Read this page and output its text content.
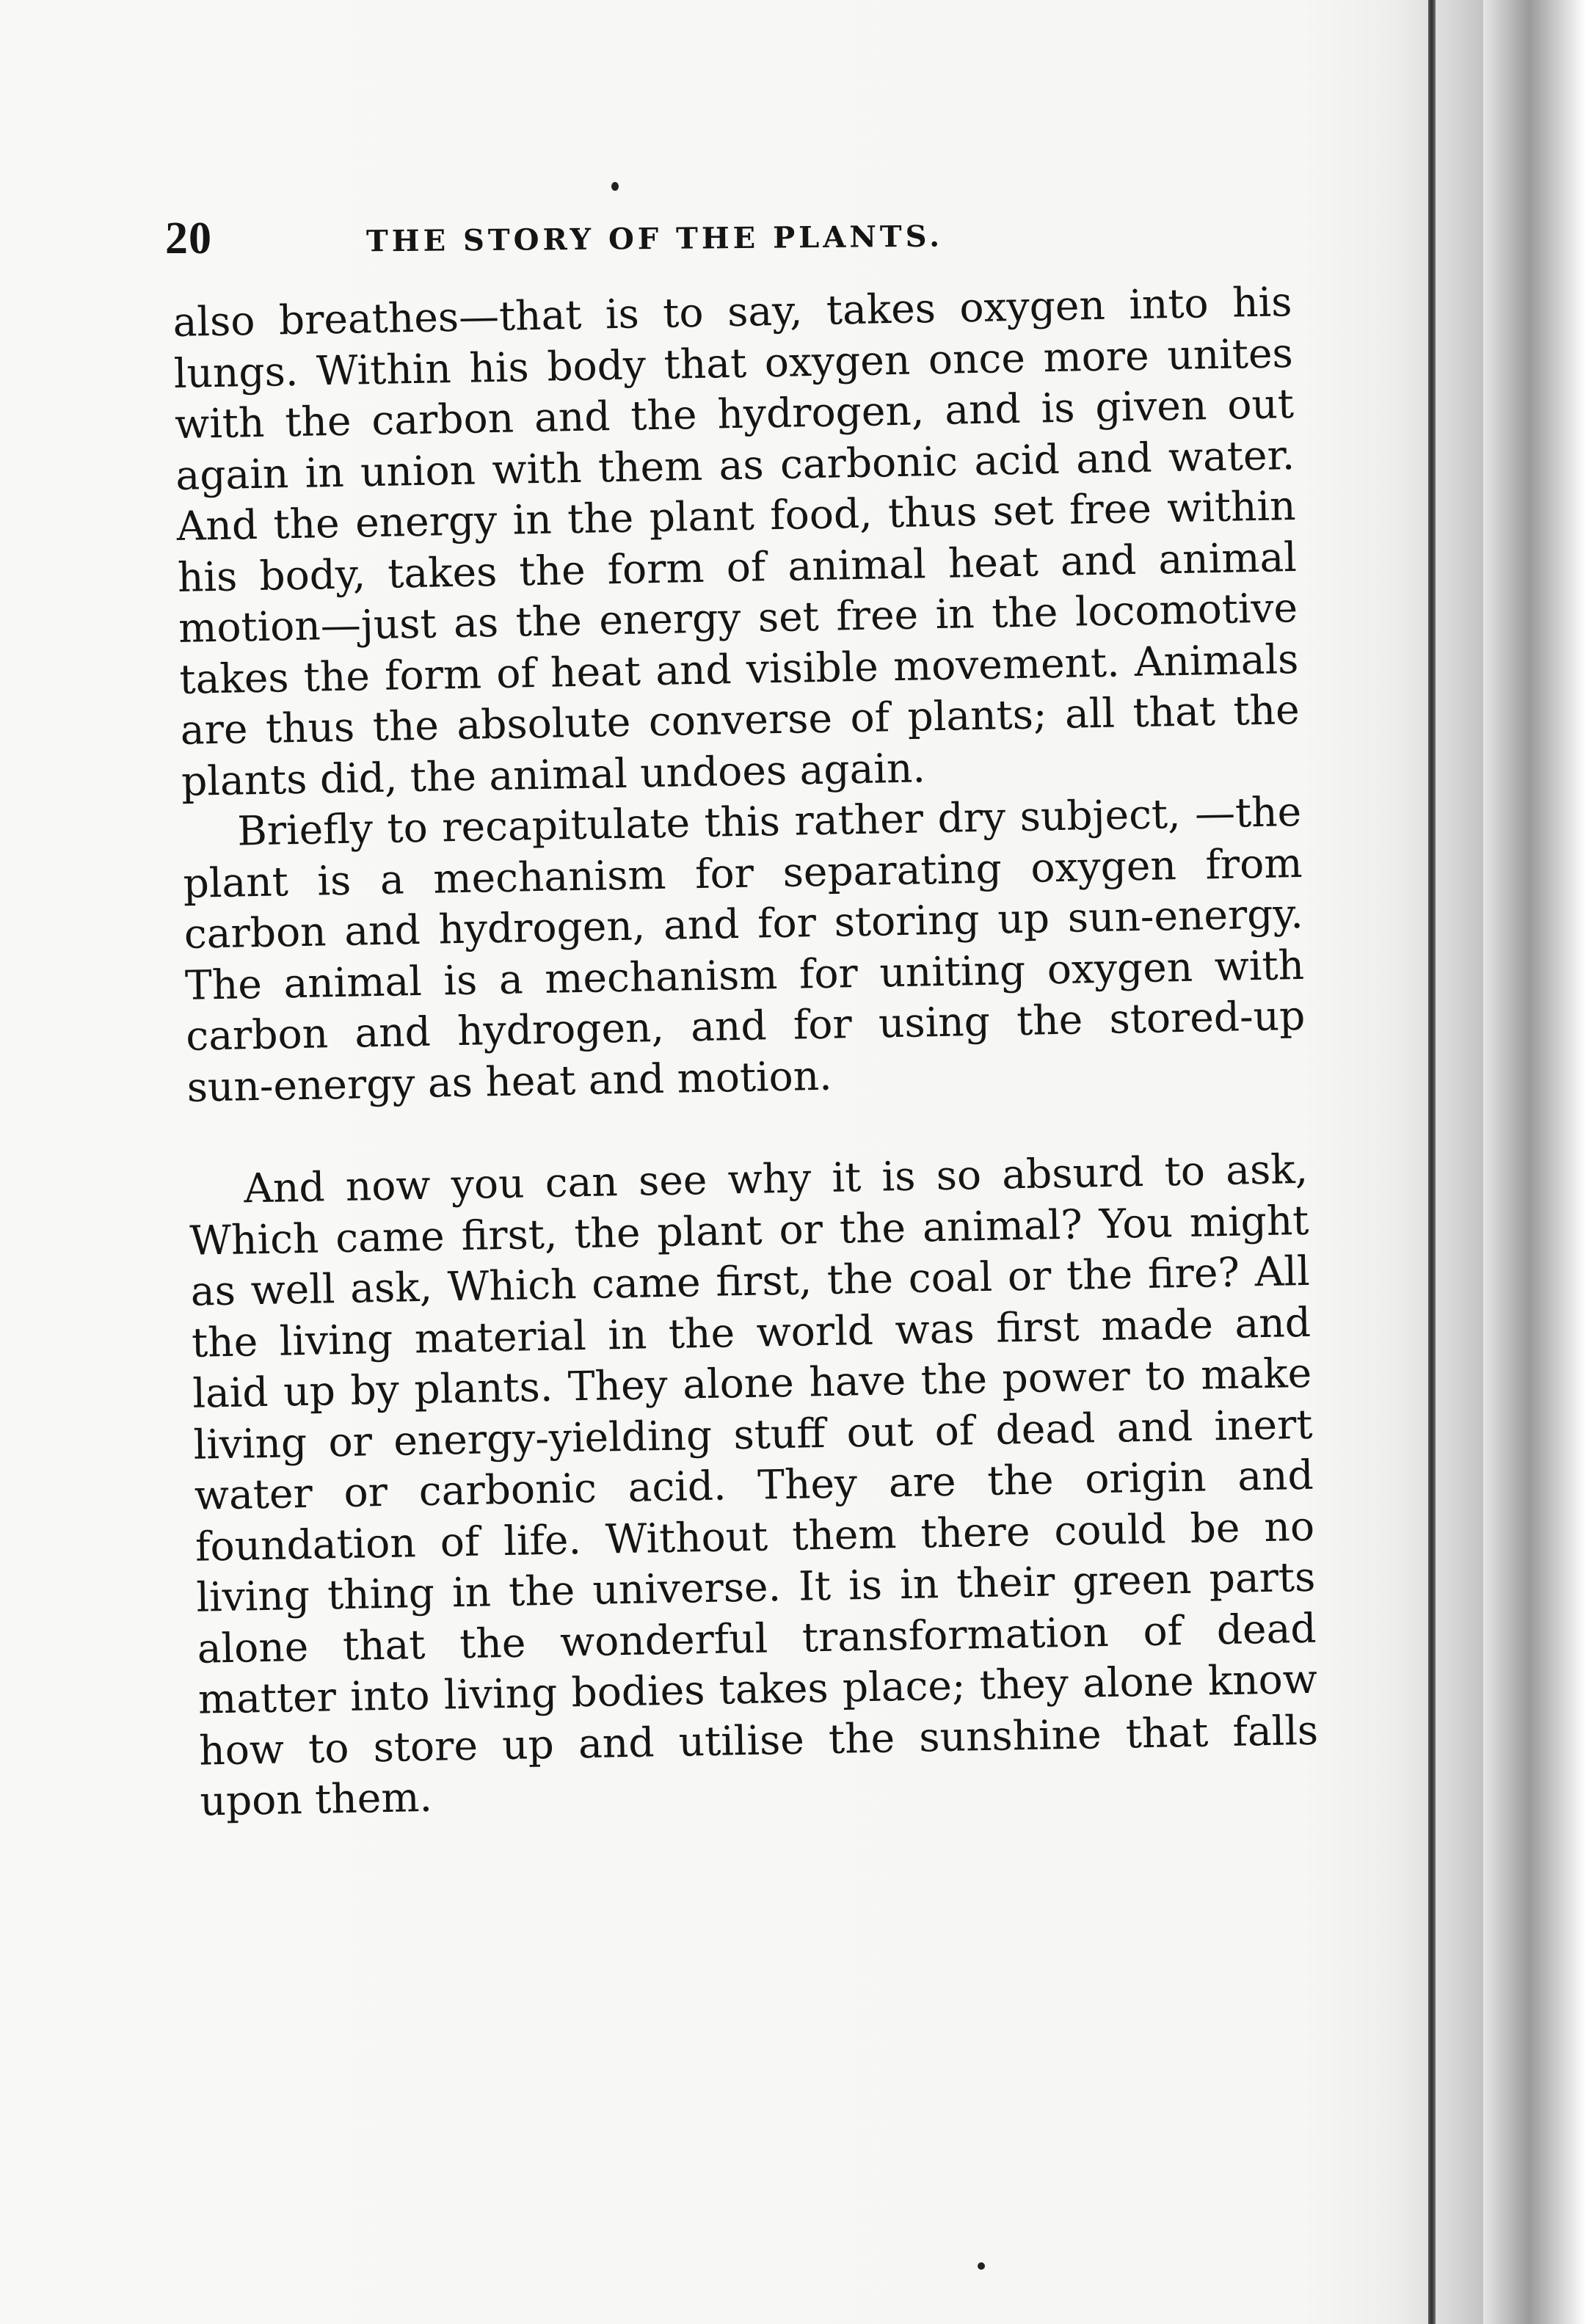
20	THE STORY OF THE PLANTS.

also breathes—that is to say, takes oxygen into his lungs. Within his body that oxygen once more unites with the carbon and the hydrogen, and is given out again in union with them as carbonic acid and water. And the energy in the plant food, thus set free within his body, takes the form of animal heat and animal motion—just as the energy set free in the locomotive takes the form of heat and visible movement. Animals are thus the absolute converse of plants; all that the plants did, the animal undoes again.

Briefly to recapitulate this rather dry subject, —the plant is a mechanism for separating oxygen from carbon and hydrogen, and for storing up sun-energy. The animal is a mechanism for uniting oxygen with carbon and hydrogen, and for using the stored-up sun-energy as heat and motion.

And now you can see why it is so absurd to ask, Which came first, the plant or the animal? You might as well ask, Which came first, the coal or the fire? All the living material in the world was first made and laid up by plants. They alone have the power to make living or energy-yielding stuff out of dead and inert water or carbonic acid. They are the origin and foundation of life. Without them there could be no living thing in the universe. It is in their green parts alone that the wonderful transformation of dead matter into living bodies takes place; they alone know how to store up and utilise the sunshine that falls upon them.
